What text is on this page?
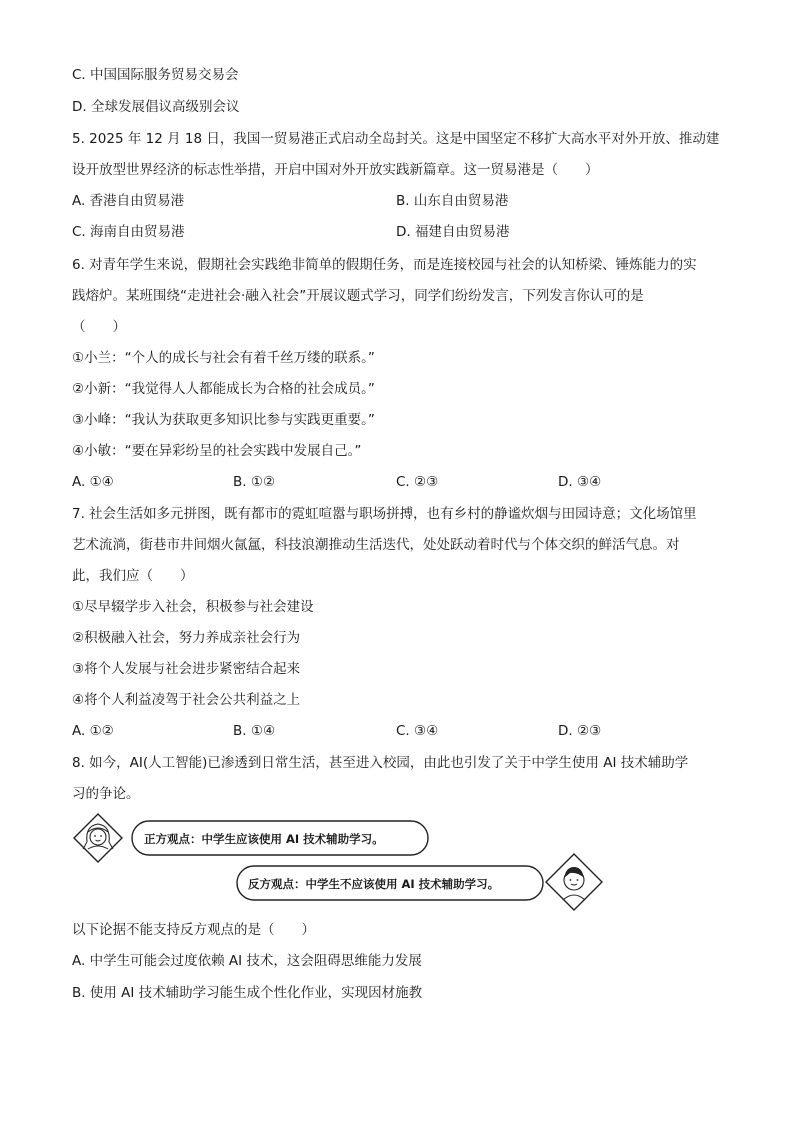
C. 中国国际服务贸易交易会
D. 全球发展倡议高级别会议
5. 2025 年 12 月 18 日，我国一贸易港正式启动全岛封关。这是中国坚定不移扩大高水平对外开放、推动建
设开放型世界经济的标志性举措，开启中国对外开放实践新篇章。这一贸易港是（　　）
A. 香港自由贸易港	B. 山东自由贸易港
C. 海南自由贸易港	D. 福建自由贸易港
6. 对青年学生来说，假期社会实践绝非简单的假期任务，而是连接校园与社会的认知桥梁、锤炼能力的实
践熔炉。某班围绕“走进社会·融入社会”开展议题式学习，同学们纷纷发言，下列发言你认可的是
（　　）
①小兰：“个人的成长与社会有着千丝万缕的联系。”
②小新：“我觉得人人都能成长为合格的社会成员。”
③小峰：“我认为获取更多知识比参与实践更重要。”
④小敏：“要在异彩纷呈的社会实践中发展自己。”
A. ①④	B. ①②	C. ②③	D. ③④
7. 社会生活如多元拼图，既有都市的霓虹喧嚣与职场拼搏，也有乡村的静谧炊烟与田园诗意；文化场馆里
艺术流淌，街巷市井间烟火氤氲，科技浪潮推动生活迭代，处处跃动着时代与个体交织的鲜活气息。对
此，我们应（　　）
①尽早辍学步入社会，积极参与社会建设
②积极融入社会，努力养成亲社会行为
③将个人发展与社会进步紧密结合起来
④将个人利益凌驾于社会公共利益之上
A. ①②	B. ①④	C. ③④	D. ②③
8. 如今，AI(人工智能)已渗透到日常生活，甚至进入校园，由此也引发了关于中学生使用 AI 技术辅助学
习的争论。
正方观点：中学生应该使用 AI 技术辅助学习。
反方观点：中学生不应该使用 AI 技术辅助学习。
以下论据不能支持反方观点的是（　　）
A. 中学生可能会过度依赖 AI 技术，这会阻碍思维能力发展
B. 使用 AI 技术辅助学习能生成个性化作业，实现因材施教
